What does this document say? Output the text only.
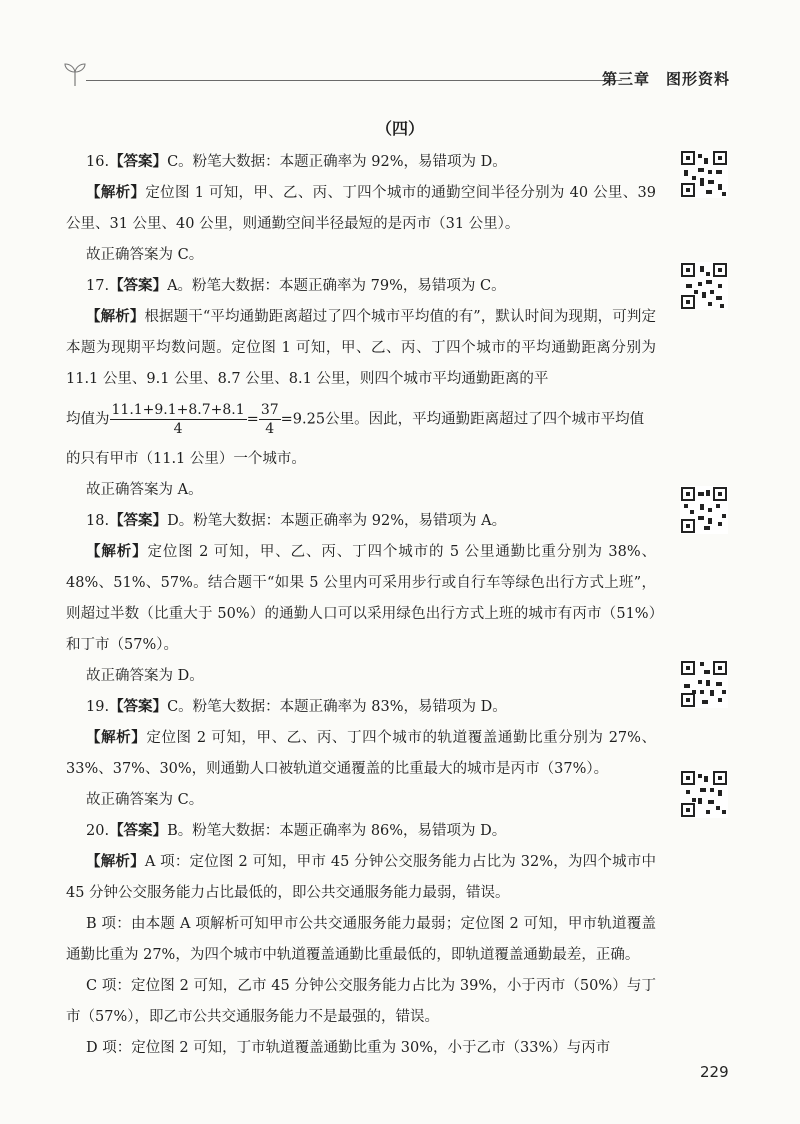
第三章　图形资料
（四）

16.【答案】C。粉笔大数据：本题正确率为 92%，易错项为 D。

【解析】定位图 1 可知，甲、乙、丙、丁四个城市的通勤空间半径分别为 40 公里、39 公里、31 公里、40 公里，则通勤空间半径最短的是丙市（31 公里）。

故正确答案为 C。

17.【答案】A。粉笔大数据：本题正确率为 79%，易错项为 C。

【解析】根据题干“平均通勤距离超过了四个城市平均值的有”，默认时间为现期，可判定本题为现期平均数问题。定位图 1 可知，甲、乙、丙、丁四个城市的平均通勤距离分别为 11.1 公里、9.1 公里、8.7 公里、8.1 公里，则四个城市平均通勤距离的平

均值为 $\frac{11.1+9.1+8.7+8.1}{4} = \frac{37}{4} =9.25$公里。因此，平均通勤距离超过了四个城市平均值

的只有甲市（11.1 公里）一个城市。

故正确答案为 A。

18.【答案】D。粉笔大数据：本题正确率为 92%，易错项为 A。

【解析】定位图 2 可知，甲、乙、丙、丁四个城市的 5 公里通勤比重分别为 38%、48%、51%、57%。结合题干“如果 5 公里内可采用步行或自行车等绿色出行方式上班”，则超过半数（比重大于 50%）的通勤人口可以采用绿色出行方式上班的城市有丙市（51%）和丁市（57%）。

故正确答案为 D。

19.【答案】C。粉笔大数据：本题正确率为 83%，易错项为 D。

【解析】定位图 2 可知，甲、乙、丙、丁四个城市的轨道覆盖通勤比重分别为 27%、33%、37%、30%，则通勤人口被轨道交通覆盖的比重最大的城市是丙市（37%）。

故正确答案为 C。

20.【答案】B。粉笔大数据：本题正确率为 86%，易错项为 D。

【解析】A 项：定位图 2 可知，甲市 45 分钟公交服务能力占比为 32%，为四个城市中 45 分钟公交服务能力占比最低的，即公共交通服务能力最弱，错误。

B 项：由本题 A 项解析可知甲市公共交通服务能力最弱；定位图 2 可知，甲市轨道覆盖通勤比重为 27%，为四个城市中轨道覆盖通勤比重最低的，即轨道覆盖通勤最差，正确。

C 项：定位图 2 可知，乙市 45 分钟公交服务能力占比为 39%，小于丙市（50%）与丁市（57%），即乙市公共交通服务能力不是最强的，错误。

D 项：定位图 2 可知，丁市轨道覆盖通勤比重为 30%，小于乙市（33%）与丙市

229
